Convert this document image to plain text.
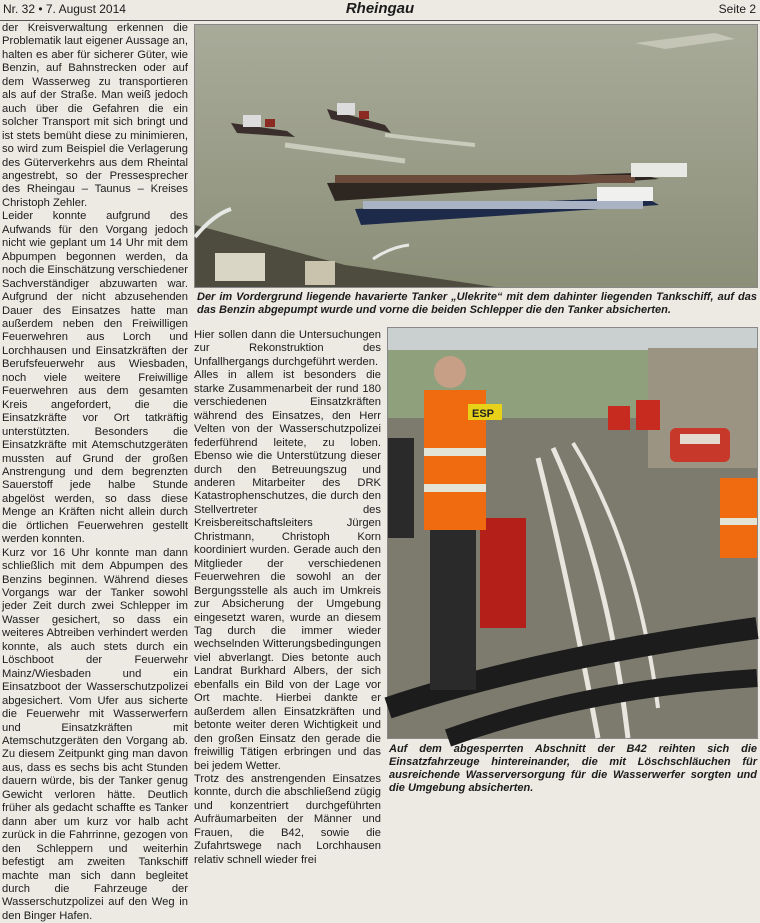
Nr. 32 • 7. August 2014	Rheingau	Seite 2

der Kreisverwaltung erkennen die Problematik laut eigener Aussage an, halten es aber für sicherer Güter, wie Benzin, auf Bahnstrecken oder auf dem Wasserweg zu transportieren als auf der Straße. Man weiß jedoch auch über die Gefahren die ein solcher Transport mit sich bringt und ist stets bemüht diese zu minimieren, so wird zum Beispiel die Verlagerung des Güterverkehrs aus dem Rheintal angestrebt, so der Pressesprecher des Rheingau – Taunus – Kreises Christoph Zehler.

Leider konnte aufgrund des Aufwands für den Vorgang jedoch nicht wie geplant um 14 Uhr mit dem Abpumpen begonnen werden, da noch die Einschätzung verschiedener Sachverständiger abzuwarten war. Aufgrund der nicht abzusehenden Dauer des Einsatzes hatte man außerdem neben den Freiwilligen Feuerwehren aus Lorch und Lorchhausen und Einsatzkräften der Berufsfeuerwehr aus Wiesbaden, noch viele weitere Freiwillige Feuerwehren aus dem gesamten Kreis angefordert, die die Einsatzkräfte vor Ort tatkräftig unterstützten. Besonders die Einsatzkräfte mit Atemschutzgeräten mussten auf Grund der großen Anstrengung und dem begrenzten Sauerstoff jede halbe Stunde abgelöst werden, so dass diese Menge an Kräften nicht allein durch die örtlichen Feuerwehren gestellt werden konnten.

Kurz vor 16 Uhr konnte man dann schließlich mit dem Abpumpen des Benzins beginnen. Während dieses Vorgangs war der Tanker sowohl jeder Zeit durch zwei Schlepper im Wasser gesichert, so dass ein weiteres Abtreiben verhindert werden konnte, als auch stets durch ein Löschboot der Feuerwehr Mainz/Wiesbaden und ein Einsatzboot der Wasserschutzpolizei abgesichert. Vom Ufer aus sicherte die Feuerwehr mit Wasserwerfern und Einsatzkräften mit Atemschutzgeräten den Vorgang ab. Zu diesem Zeitpunkt ging man davon aus, dass es sechs bis acht Stunden dauern würde, bis der Tanker genug Gewicht verloren hätte. Deutlich früher als gedacht schaffte es Tanker dann aber um kurz vor halb acht zurück in die Fahrrinne, gezogen von den Schleppern und weiterhin befestigt am zweiten Tankschiff machte man sich dann begleitet durch die Fahrzeuge der Wasserschutzpolizei auf den Weg in den Binger Hafen.

Der im Vordergrund liegende havarierte Tanker „Ulekrite“ mit dem dahinter liegenden Tankschiff, auf das das Benzin abgepumpt wurde und vorne die beiden Schlepper die den Tanker absicherten.

Hier sollen dann die Untersuchungen zur Rekonstruktion des Unfallhergangs durchgeführt werden.

Alles in allem ist besonders die starke Zusammenarbeit der rund 180 verschiedenen Einsatzkräften während des Einsatzes, den Herr Velten von der Wasserschutzpolizei federführend leitete, zu loben. Ebenso wie die Unterstützung dieser durch den Betreuungszug und anderen Mitarbeiter des DRK Katastrophenschutzes, die durch den Stellvertreter des Kreisbereitschaftsleiters Jürgen Christmann, Christoph Korn koordiniert wurden. Gerade auch den Mitglieder der verschiedenen Feuerwehren die sowohl an der Bergungsstelle als auch im Umkreis zur Absicherung der Umgebung eingesetzt waren, wurde an diesem Tag durch die immer wieder wechselnden Witterungsbedingungen viel abverlangt. Dies betonte auch Landrat Burkhard Albers, der sich ebenfalls ein Bild von der Lage vor Ort machte. Hierbei dankte er außerdem allen Einsatzkräften und betonte weiter deren Wichtigkeit und den großen Einsatz den gerade die freiwillig Tätigen erbringen und das bei jedem Wetter.

Trotz des anstrengenden Einsatzes konnte, durch die abschließend zügig und konzentriert durchgeführten Aufräumarbeiten der Männer und Frauen, die B42, sowie die Zufahrtswege nach Lorchhausen relativ schnell wieder frei

ESP
Auf dem abgesperrten Abschnitt der B42 reihten sich die Einsatzfahrzeuge hintereinander, die mit Löschschläuchen für ausreichende Wasserversorgung für die Wasserwerfer sorgten und die Umgebung absicherten.
